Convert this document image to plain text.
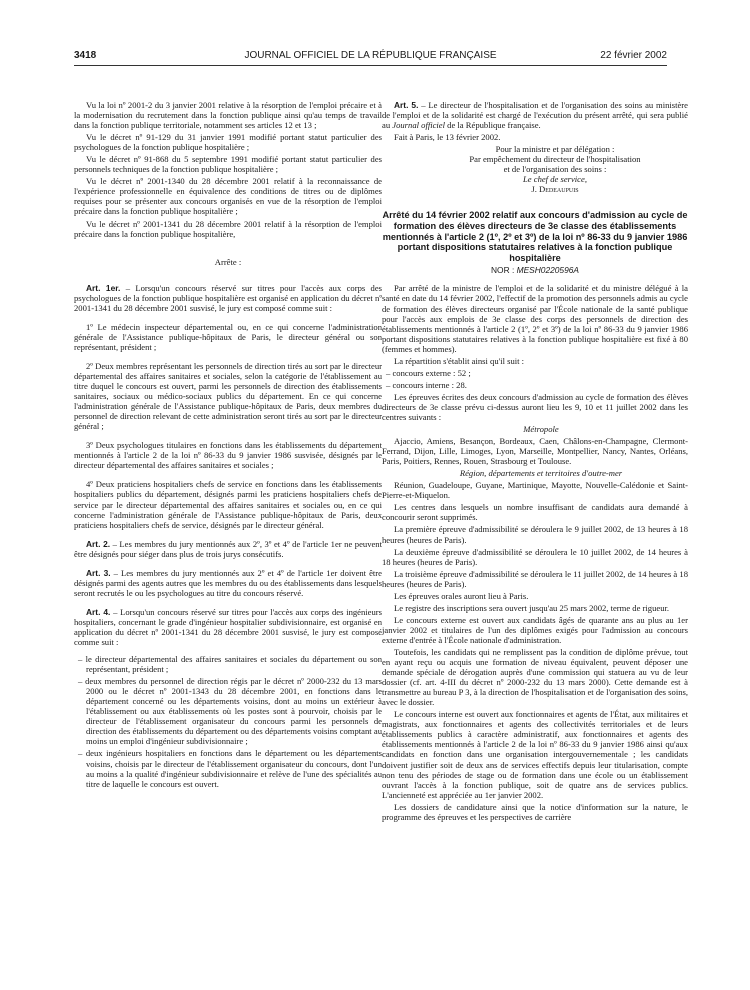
3418	JOURNAL OFFICIEL DE LA RÉPUBLIQUE FRANÇAISE	22 février 2002

Vu la loi nº 2001-2 du 3 janvier 2001 relative à la résorption de l'emploi précaire et à la modernisation du recrutement dans la fonction publique ainsi qu'au temps de travail dans la fonction publique territoriale, notamment ses articles 12 et 13 ;

Vu le décret nº 91-129 du 31 janvier 1991 modifié portant statut particulier des psychologues de la fonction publique hospitalière ;

Vu le décret nº 91-868 du 5 septembre 1991 modifié portant statut particulier des personnels techniques de la fonction publique hospitalière ;

Vu le décret nº 2001-1340 du 28 décembre 2001 relatif à la reconnaissance de l'expérience professionnelle en équivalence des conditions de titres ou de diplômes requises pour se présenter aux concours organisés en vue de la résorption de l'emploi précaire dans la fonction publique hospitalière ;

Vu le décret nº 2001-1341 du 28 décembre 2001 relatif à la résorption de l'emploi précaire dans la fonction publique hospitalière,

Arrête :

Art. 1er. – Lorsqu'un concours réservé sur titres pour l'accès aux corps des psychologues de la fonction publique hospitalière est organisé en application du décret nº 2001-1341 du 28 décembre 2001 susvisé, le jury est composé comme suit :

1º Le médecin inspecteur départemental ou, en ce qui concerne l'administration générale de l'Assistance publique-hôpitaux de Paris, le directeur général ou son représentant, président ;

2º Deux membres représentant les personnels de direction tirés au sort par le directeur départemental des affaires sanitaires et sociales, selon la catégorie de l'établissement au titre duquel le concours est ouvert, parmi les personnels de direction des établissements sanitaires, sociaux ou médico-sociaux publics du département. En ce qui concerne l'administration générale de l'Assistance publique-hôpitaux de Paris, deux membres du personnel de direction relevant de cette administration seront tirés au sort par le directeur général ;

3º Deux psychologues titulaires en fonctions dans les établissements du département mentionnés à l'article 2 de la loi nº 86-33 du 9 janvier 1986 susvisée, désignés par le directeur départemental des affaires sanitaires et sociales ;

4º Deux praticiens hospitaliers chefs de service en fonctions dans les établissements hospitaliers publics du département, désignés parmi les praticiens hospitaliers chefs de service par le directeur départemental des affaires sanitaires et sociales ou, en ce qui concerne l'administration générale de l'Assistance publique-hôpitaux de Paris, deux praticiens hospitaliers chefs de service, désignés par le directeur général.

Art. 2. – Les membres du jury mentionnés aux 2º, 3º et 4º de l'article 1er ne peuvent être désignés pour siéger dans plus de trois jurys consécutifs.

Art. 3. – Les membres du jury mentionnés aux 2º et 4º de l'article 1er doivent être désignés parmi des agents autres que les membres du ou des établissements dans lesquels seront recrutés le ou les psychologues au titre du concours réservé.

Art. 4. – Lorsqu'un concours réservé sur titres pour l'accès aux corps des ingénieurs hospitaliers, concernant le grade d'ingénieur hospitalier subdivisionnaire, est organisé en application du décret nº 2001-1341 du 28 décembre 2001 susvisé, le jury est composé comme suit :

– le directeur départemental des affaires sanitaires et sociales du département ou son représentant, président ;
– deux membres du personnel de direction régis par le décret nº 2000-232 du 13 mars 2000 ou le décret nº 2001-1343 du 28 décembre 2001, en fonctions dans le département concerné ou les départements voisins, dont au moins un extérieur à l'établissement ou aux établissements où les postes sont à pourvoir, choisis par le directeur de l'établissement organisateur du concours parmi les personnels de direction des établissements du département ou des départements voisins comptant au moins un emploi d'ingénieur subdivisionnaire ;
– deux ingénieurs hospitaliers en fonctions dans le département ou les départements voisins, choisis par le directeur de l'établissement organisateur du concours, dont l'un au moins a la qualité d'ingénieur subdivisionnaire et relève de l'une des spécialités au titre de laquelle le concours est ouvert.

Art. 5. – Le directeur de l'hospitalisation et de l'organisation des soins au ministère de l'emploi et de la solidarité est chargé de l'exécution du présent arrêté, qui sera publié au Journal officiel de la République française.

Fait à Paris, le 13 février 2002.

Pour la ministre et par délégation :
Par empêchement du directeur de l'hospitalisation
et de l'organisation des soins :
Le chef de service,
J. Dedeaupuis
Arrêté du 14 février 2002 relatif aux concours d'admission au cycle de formation des élèves directeurs de 3e classe des établissements mentionnés à l'article 2 (1º, 2º et 3º) de la loi nº 86-33 du 9 janvier 1986 portant dispositions statutaires relatives à la fonction publique hospitalière
NOR : MESH0220596A

Par arrêté de la ministre de l'emploi et de la solidarité et du ministre délégué à la santé en date du 14 février 2002, l'effectif de la promotion des personnels admis au cycle de formation des élèves directeurs organisé par l'École nationale de la santé publique pour l'accès aux emplois de 3e classe des corps des personnels de direction des établissements mentionnés à l'article 2 (1º, 2º et 3º) de la loi nº 86-33 du 9 janvier 1986 portant dispositions statutaires relatives à la fonction publique hospitalière est fixé à 80 (femmes et hommes).

La répartition s'établit ainsi qu'il suit :

– concours externe : 52 ;
– concours interne : 28.

Les épreuves écrites des deux concours d'admission au cycle de formation des élèves directeurs de 3e classe prévu ci-dessus auront lieu les 9, 10 et 11 juillet 2002 dans les centres suivants :

Métropole

Ajaccio, Amiens, Besançon, Bordeaux, Caen, Châlons-en-Champagne, Clermont-Ferrand, Dijon, Lille, Limoges, Lyon, Marseille, Montpellier, Nancy, Nantes, Orléans, Paris, Poitiers, Rennes, Rouen, Strasbourg et Toulouse.

Région, départements et territoires d'outre-mer

Réunion, Guadeloupe, Guyane, Martinique, Mayotte, Nouvelle-Calédonie et Saint-Pierre-et-Miquelon.

Les centres dans lesquels un nombre insuffisant de candidats aura demandé à concourir seront supprimés.

La première épreuve d'admissibilité se déroulera le 9 juillet 2002, de 13 heures à 18 heures (heures de Paris).

La deuxième épreuve d'admissibilité se déroulera le 10 juillet 2002, de 14 heures à 18 heures (heures de Paris).

La troisième épreuve d'admissibilité se déroulera le 11 juillet 2002, de 14 heures à 18 heures (heures de Paris).

Les épreuves orales auront lieu à Paris.

Le registre des inscriptions sera ouvert jusqu'au 25 mars 2002, terme de rigueur.

Le concours externe est ouvert aux candidats âgés de quarante ans au plus au 1er janvier 2002 et titulaires de l'un des diplômes exigés pour l'admission au concours externe d'entrée à l'École nationale d'administration.

Toutefois, les candidats qui ne remplissent pas la condition de diplôme prévue, tout en ayant reçu ou acquis une formation de niveau équivalent, peuvent déposer une demande spéciale de dérogation auprès d'une commission qui statuera au vu de leur dossier (cf. art. 4-III du décret nº 2000-232 du 13 mars 2000). Cette demande est à transmettre au bureau P 3, à la direction de l'hospitalisation et de l'organisation des soins, avec le dossier.

Le concours interne est ouvert aux fonctionnaires et agents de l'État, aux militaires et magistrats, aux fonctionnaires et agents des collectivités territoriales et de leurs établissements publics à caractère administratif, aux fonctionnaires et agents des établissements mentionnés à l'article 2 de la loi nº 86-33 du 9 janvier 1986 ainsi qu'aux candidats en fonction dans une organisation intergouvernementale ; les candidats doivent justifier soit de deux ans de services effectifs depuis leur titularisation, compte non tenu des périodes de stage ou de formation dans une école ou un établissement ouvrant l'accès à la fonction publique, soit de quatre ans de services publics. L'ancienneté est appréciée au 1er janvier 2002.

Les dossiers de candidature ainsi que la notice d'information sur la nature, le programme des épreuves et les perspectives de carrière
